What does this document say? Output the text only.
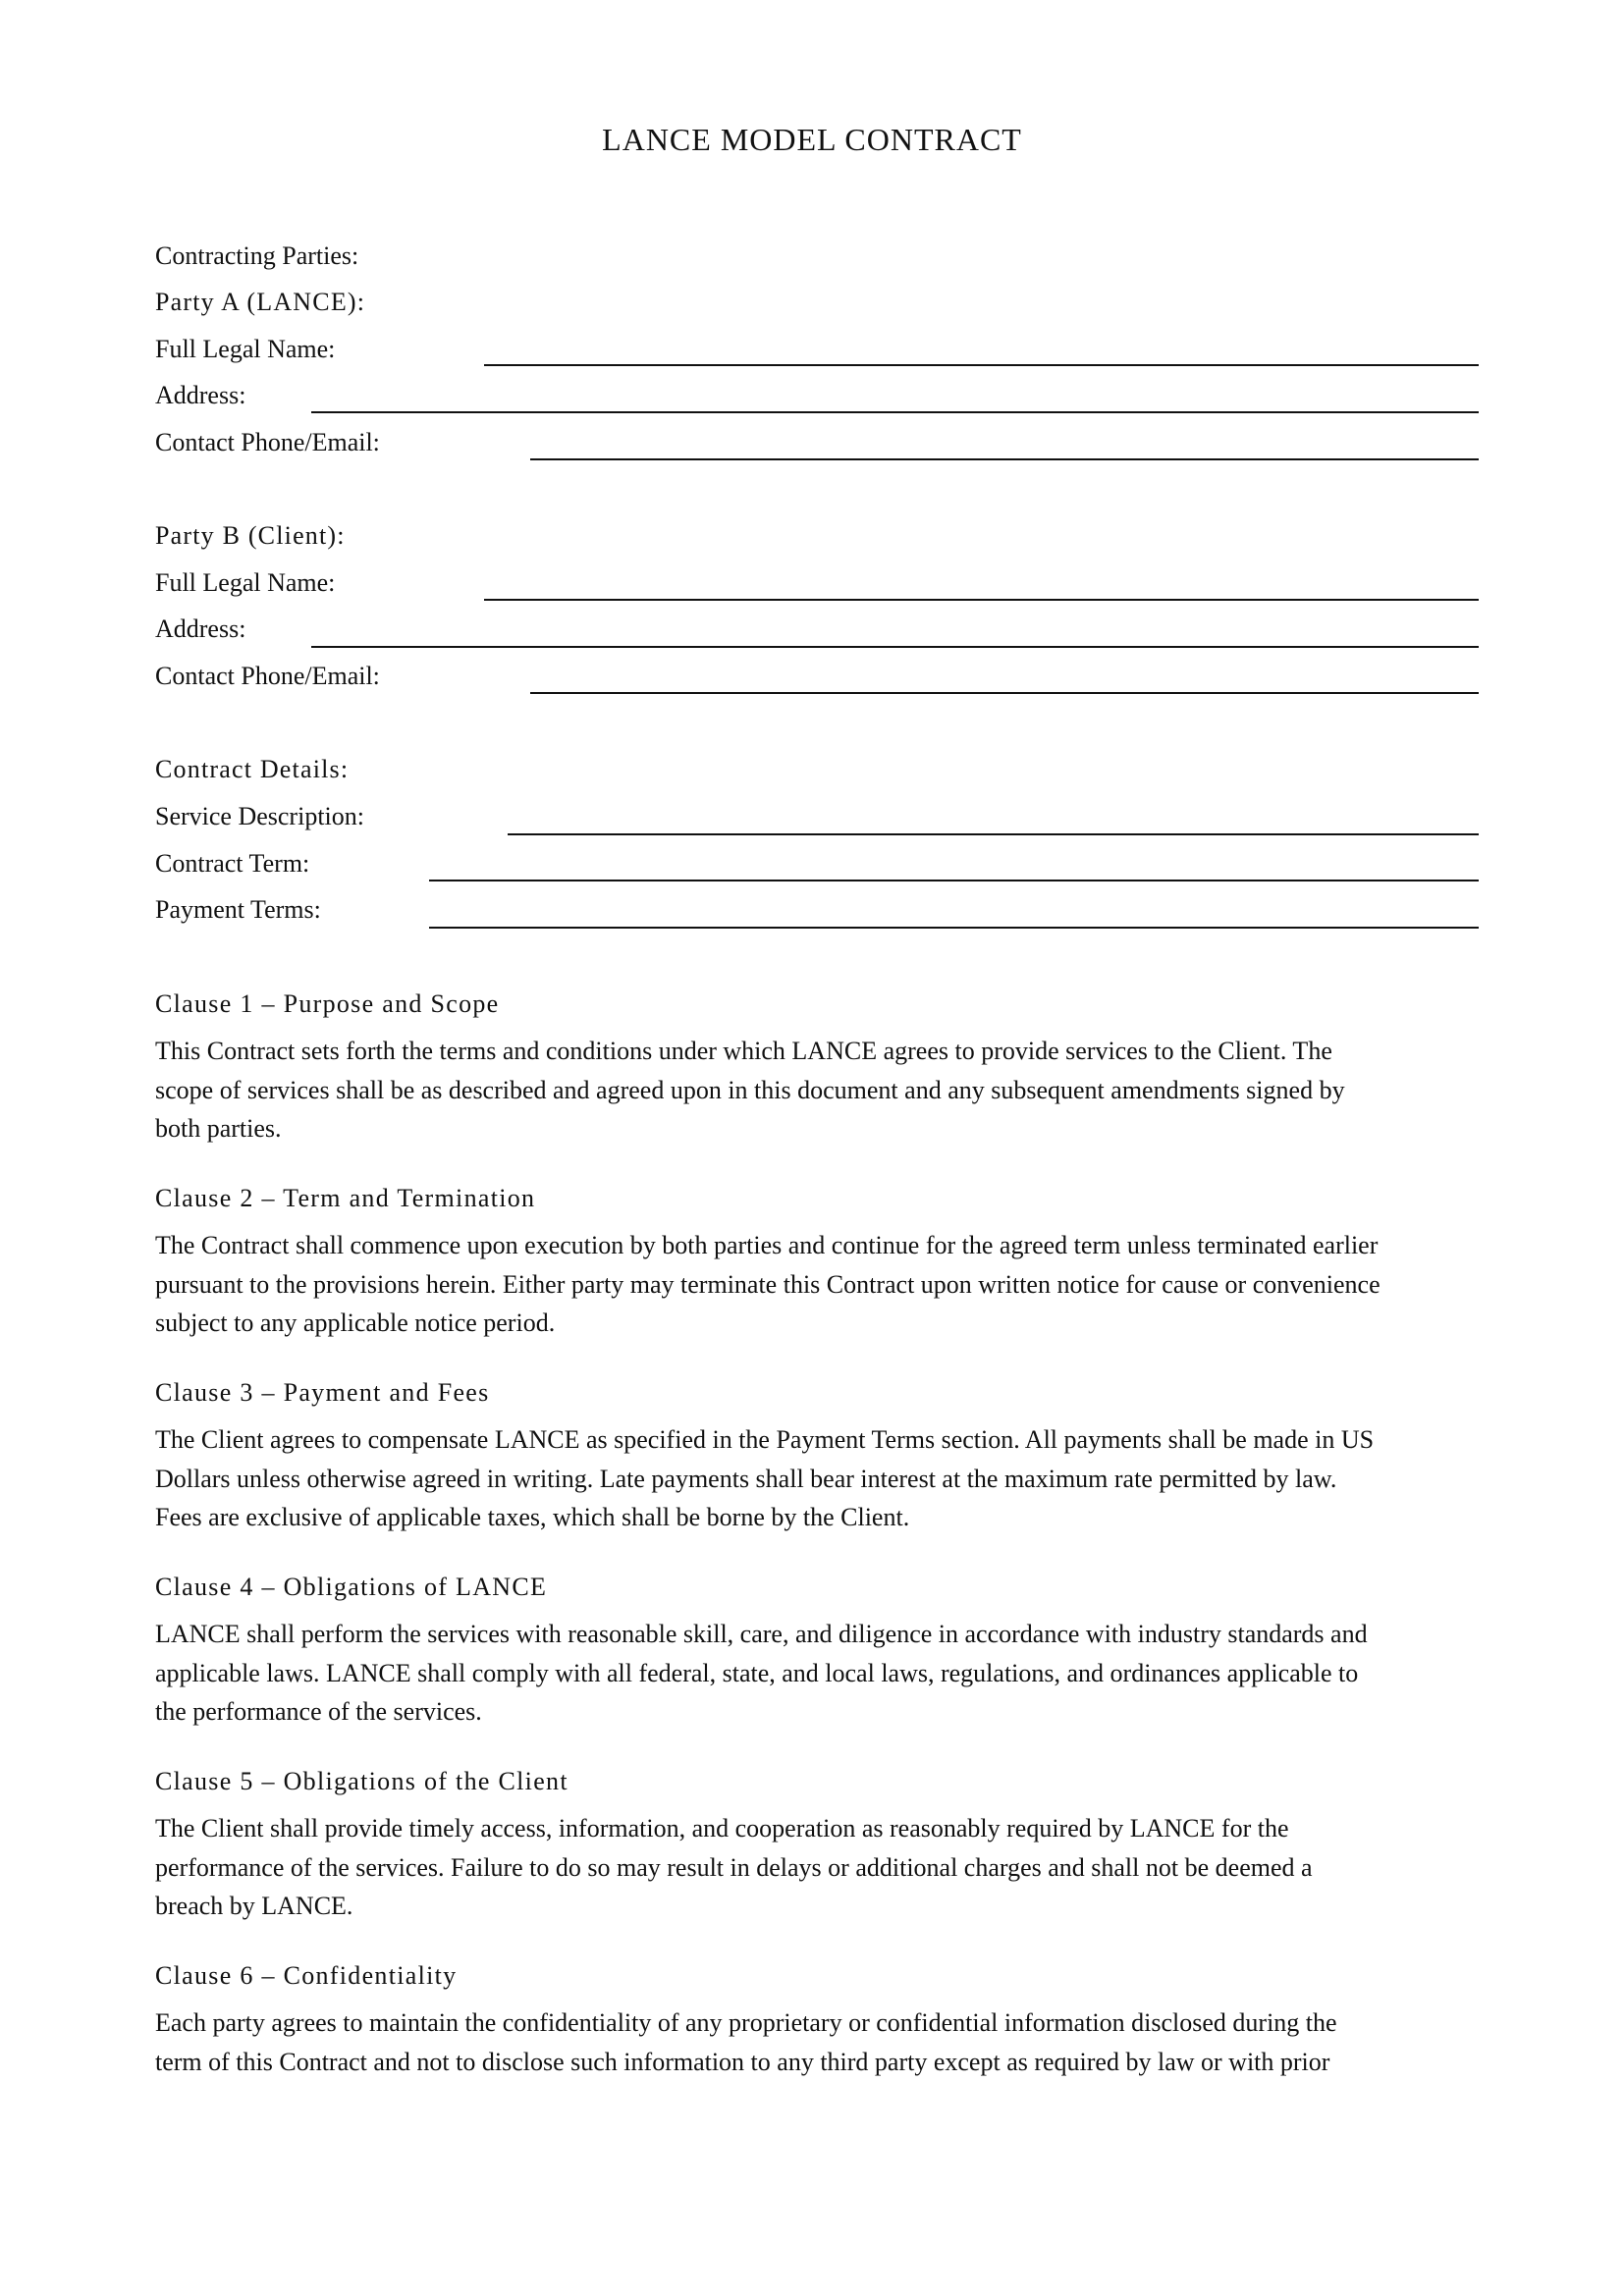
LANCE MODEL CONTRACT
Contracting Parties:
Party A (LANCE):
Full Legal Name:
Address:
Contact Phone/Email:
Party B (Client):
Full Legal Name:
Address:
Contact Phone/Email:
Contract Details:
Service Description:
Contract Term:
Payment Terms:
Clause 1 – Purpose and Scope
This Contract sets forth the terms and conditions under which LANCE agrees to provide services to the Client. The
scope of services shall be as described and agreed upon in this document and any subsequent amendments signed by
both parties.
Clause 2 – Term and Termination
The Contract shall commence upon execution by both parties and continue for the agreed term unless terminated earlier
pursuant to the provisions herein. Either party may terminate this Contract upon written notice for cause or convenience
subject to any applicable notice period.
Clause 3 – Payment and Fees
The Client agrees to compensate LANCE as specified in the Payment Terms section. All payments shall be made in US
Dollars unless otherwise agreed in writing. Late payments shall bear interest at the maximum rate permitted by law.
Fees are exclusive of applicable taxes, which shall be borne by the Client.
Clause 4 – Obligations of LANCE
LANCE shall perform the services with reasonable skill, care, and diligence in accordance with industry standards and
applicable laws. LANCE shall comply with all federal, state, and local laws, regulations, and ordinances applicable to
the performance of the services.
Clause 5 – Obligations of the Client
The Client shall provide timely access, information, and cooperation as reasonably required by LANCE for the
performance of the services. Failure to do so may result in delays or additional charges and shall not be deemed a
breach by LANCE.
Clause 6 – Confidentiality
Each party agrees to maintain the confidentiality of any proprietary or confidential information disclosed during the
term of this Contract and not to disclose such information to any third party except as required by law or with prior
